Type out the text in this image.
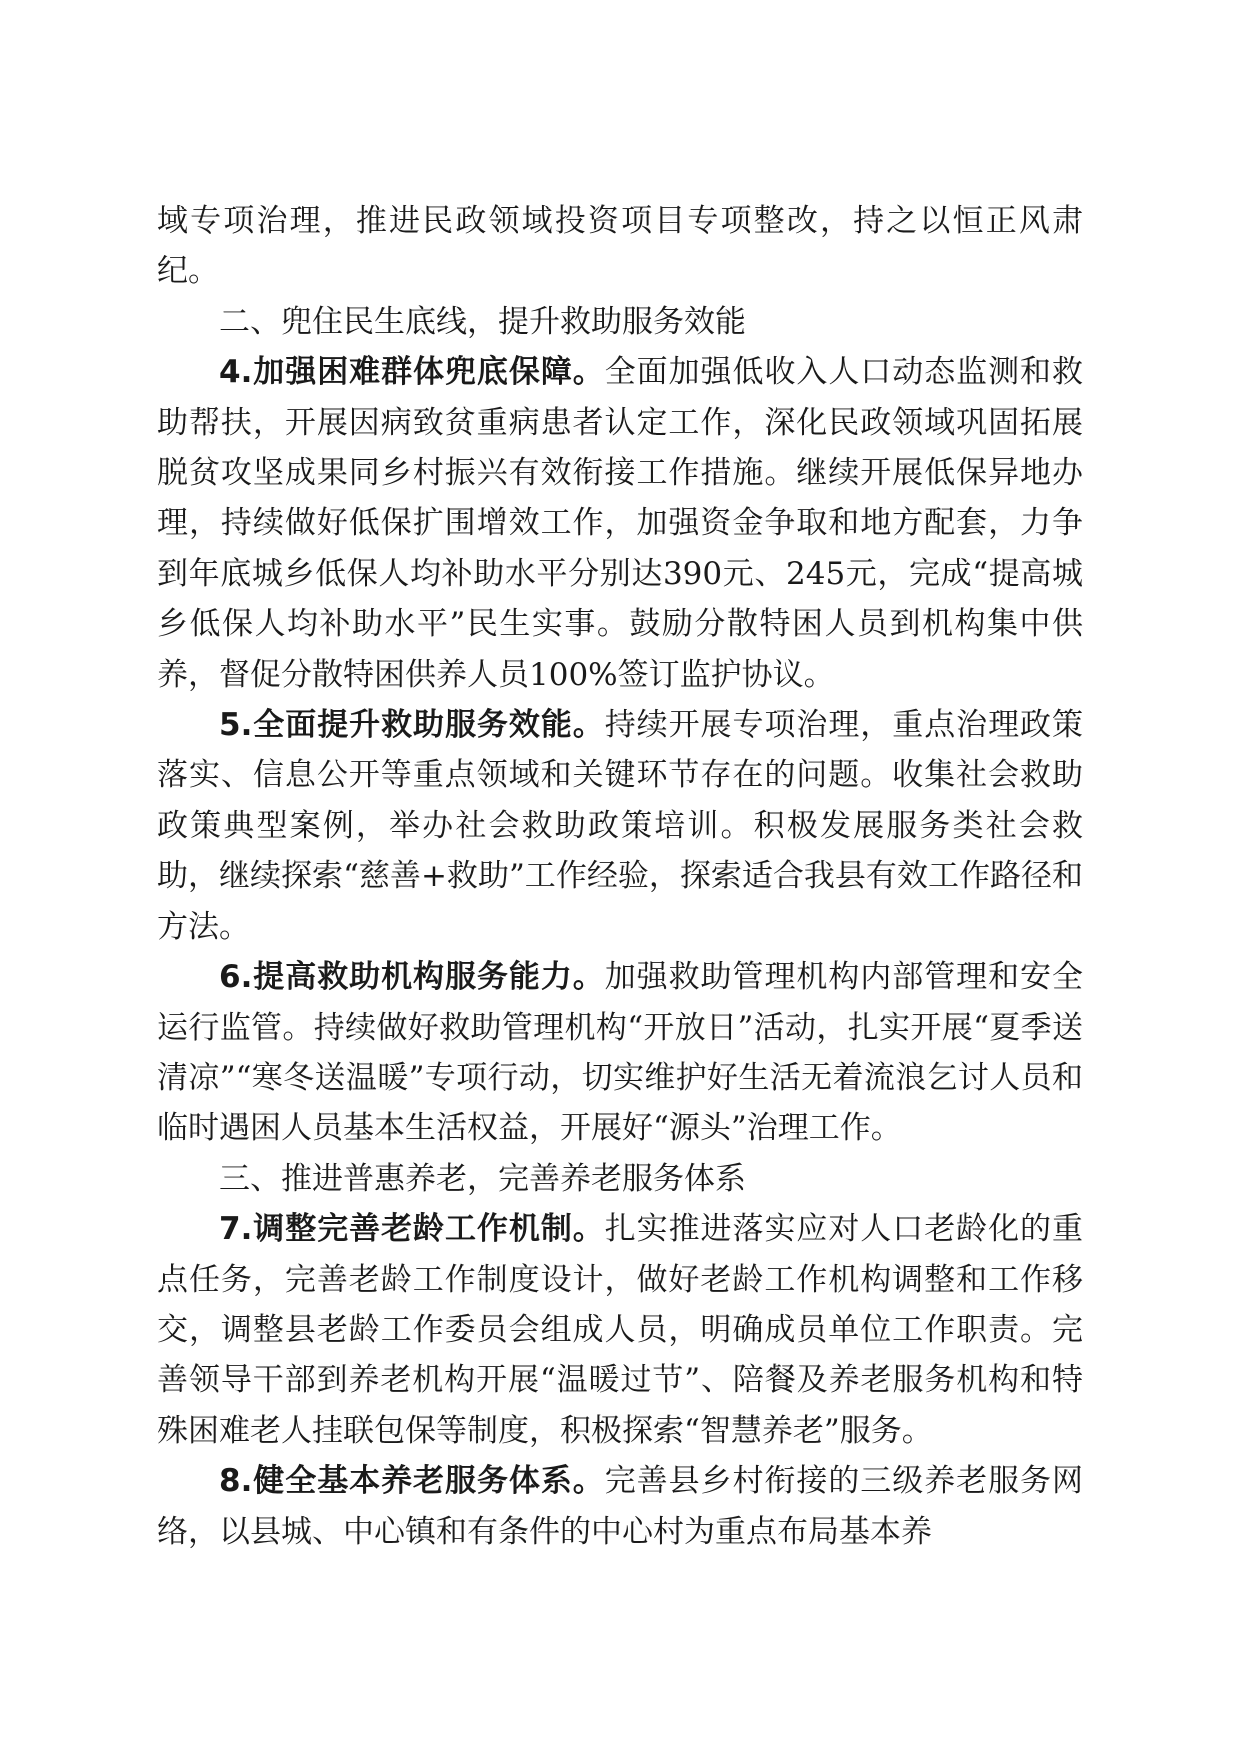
域专项治理，推进民政领域投资项目专项整改，持之以恒正风肃纪。

二、兜住民生底线，提升救助服务效能

4.加强困难群体兜底保障。全面加强低收入人口动态监测和救助帮扶，开展因病致贫重病患者认定工作，深化民政领域巩固拓展脱贫攻坚成果同乡村振兴有效衔接工作措施。继续开展低保异地办理，持续做好低保扩围增效工作，加强资金争取和地方配套，力争到年底城乡低保人均补助水平分别达390元、245元，完成“提高城乡低保人均补助水平”民生实事。鼓励分散特困人员到机构集中供养，督促分散特困供养人员100%签订监护协议。

5.全面提升救助服务效能。持续开展专项治理，重点治理政策落实、信息公开等重点领域和关键环节存在的问题。收集社会救助政策典型案例，举办社会救助政策培训。积极发展服务类社会救助，继续探索“慈善+救助”工作经验，探索适合我县有效工作路径和方法。

6.提高救助机构服务能力。加强救助管理机构内部管理和安全运行监管。持续做好救助管理机构“开放日”活动，扎实开展“夏季送清凉”“寒冬送温暖”专项行动，切实维护好生活无着流浪乞讨人员和临时遇困人员基本生活权益，开展好“源头”治理工作。

三、推进普惠养老，完善养老服务体系

7.调整完善老龄工作机制。扎实推进落实应对人口老龄化的重点任务，完善老龄工作制度设计，做好老龄工作机构调整和工作移交，调整县老龄工作委员会组成人员，明确成员单位工作职责。完善领导干部到养老机构开展“温暖过节”、陪餐及养老服务机构和特殊困难老人挂联包保等制度，积极探索“智慧养老”服务。

8.健全基本养老服务体系。完善县乡村衔接的三级养老服务网络，以县城、中心镇和有条件的中心村为重点布局基本养
